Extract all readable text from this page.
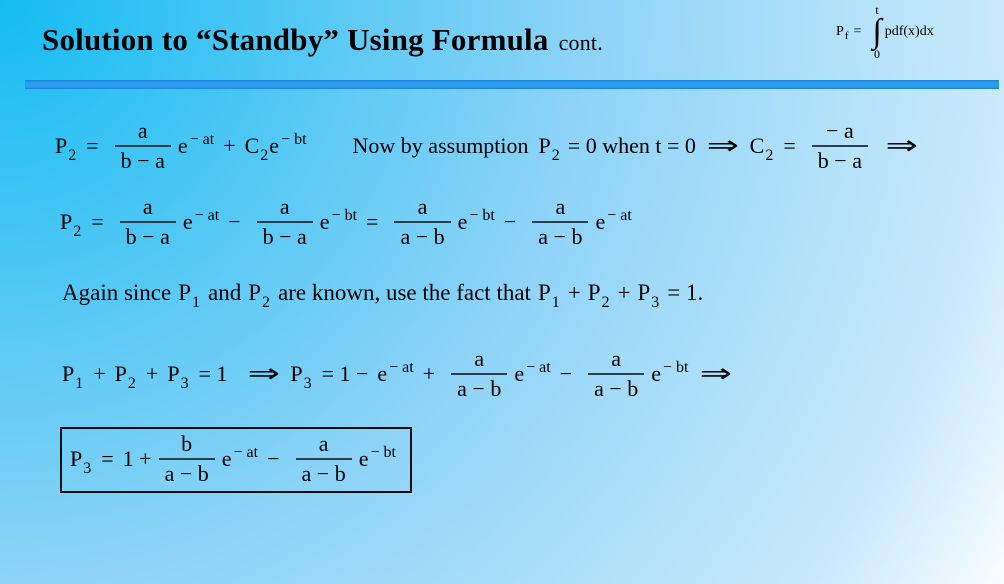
Solution to “Standby” Using Formula cont.	$P_f$ =
t
∫
0
pdf(x)dx
$P_2 = \frac{a}{b - a}$ e $^{- at} + C_2e$ $^{- bt}$ Now by assumption $P_2 = 0$ when t = 0 ⇒ $C_2 = \frac{- a}{b - a}$ ⇒
$P_2 = \frac{a}{b - a}$ e $^{- at} - \frac{a}{b - a}$ e $^{- bt} = \frac{a}{a - b}$ e $^{- bt} - \frac{a}{a - b}$ e $^{- at}$
Again since $P_1$ and $P_2$ are known, use the fact that $P_1 + P_2 + P_3 = 1$.
$P_1 + P_2 + P_3 = 1$ ⇒ $P_3 = 1 - e$ $^{- at} + \frac{a}{a - b}$ e $^{- at} - \frac{a}{a - b}$ e $^{- bt}$ ⇒
$P_3 = 1 + \frac{b}{a - b}$ e $^{- at} - \frac{a}{a - b}$ e $^{- bt}$
